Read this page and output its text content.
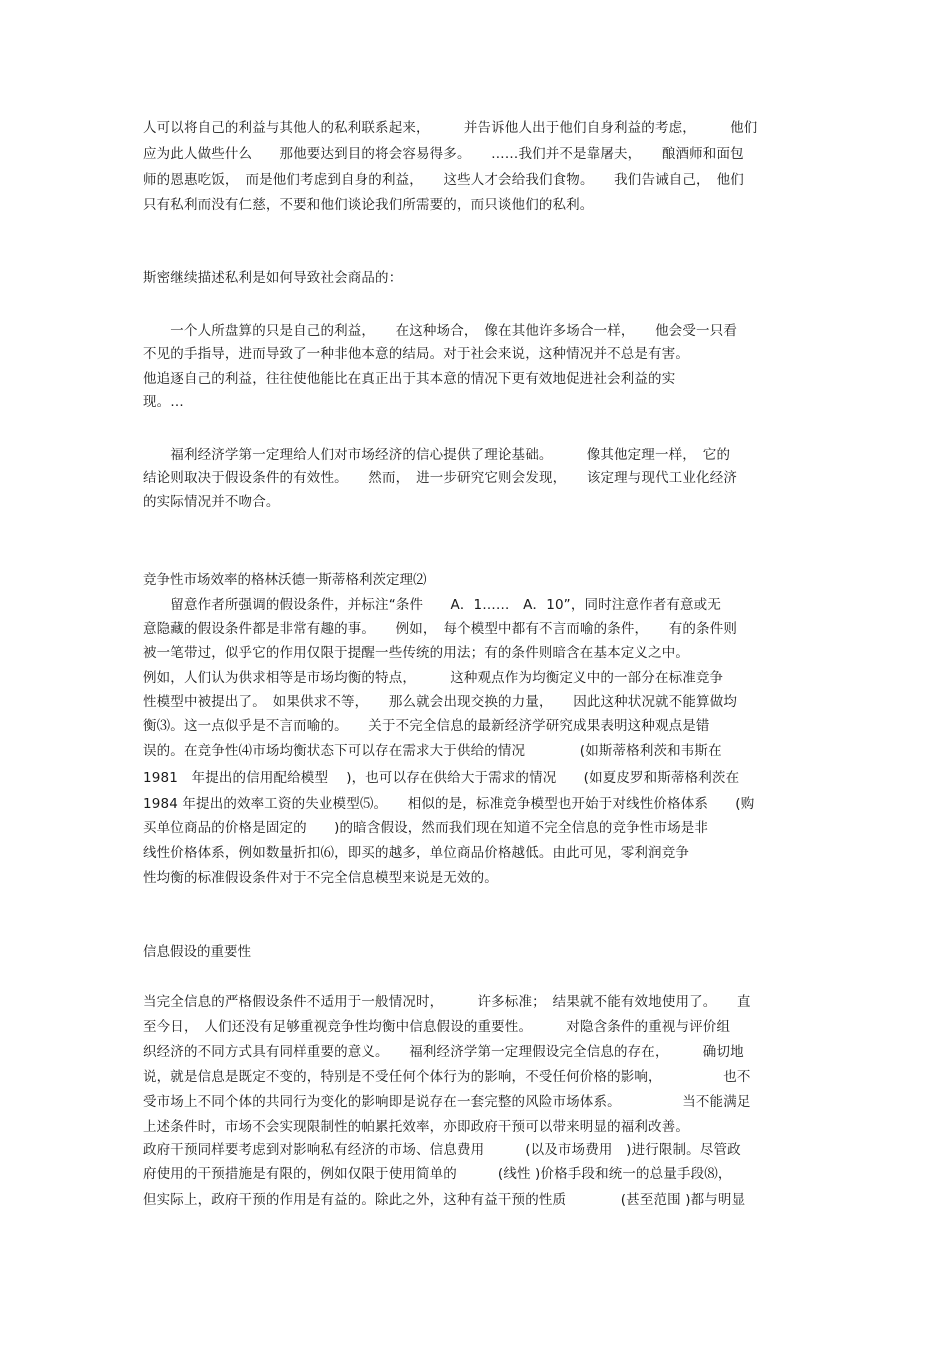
人可以将自己的利益与其他人的私利联系起来，　　　并告诉他人出于他们自身利益的考虑，　　　他们
应为此人做些什么　　那他要达到目的将会容易得多。　　……我们并不是靠屠夫，　　酿酒师和面包
师的恩惠吃饭，　而是他们考虑到自身的利益，　　这些人才会给我们食物。　　我们告诫自己，　他们
只有私利而没有仁慈，不要和他们谈论我们所需要的，而只谈他们的私利。
斯密继续描述私利是如何导致社会商品的：
　　一个人所盘算的只是自己的利益，　　在这种场合，　像在其他许多场合一样，　　他会受一只看
不见的手指导，进而导致了一种非他本意的结局。对于社会来说，这种情况并不总是有害。
他追逐自己的利益，往往使他能比在真正出于其本意的情况下更有效地促进社会利益的实
现。…
　　福利经济学第一定理给人们对市场经济的信心提供了理论基础。　　　像其他定理一样，　它的
结论则取决于假设条件的有效性。　　然而，　进一步研究它则会发现，　　该定理与现代工业化经济
的实际情况并不吻合。
竞争性市场效率的格林沃德一斯蒂格利茨定理⑵
　　留意作者所强调的假设条件，并标注“条件　　A．1……　A．10”，同时注意作者有意或无
意隐藏的假设条件都是非常有趣的事。　　例如，　每个模型中都有不言而喻的条件，　　有的条件则
被一笔带过，似乎它的作用仅限于提醒一些传统的用法；有的条件则暗含在基本定义之中。
例如，人们认为供求相等是市场均衡的特点，　　　这种观点作为均衡定义中的一部分在标准竞争
性模型中被提出了。　如果供求不等，　　那么就会出现交换的力量，　　因此这种状况就不能算做均
衡⑶。这一点似乎是不言而喻的。　　关于不完全信息的最新经济学研究成果表明这种观点是错
误的。在竞争性⑷市场均衡状态下可以存在需求大于供给的情况　　　　(如斯蒂格利茨和韦斯在
1981　年提出的信用配给模型　 )，也可以存在供给大于需求的情况　　(如夏皮罗和斯蒂格利茨在
1984 年提出的效率工资的失业模型⑸。　　相似的是，标准竞争模型也开始于对线性价格体系　　(购
买单位商品的价格是固定的　　)的暗含假设，然而我们现在知道不完全信息的竞争性市场是非
线性价格体系，例如数量折扣⑹，即买的越多，单位商品价格越低。由此可见，零利润竞争
性均衡的标准假设条件对于不完全信息模型来说是无效的。
信息假设的重要性
当完全信息的严格假设条件不适用于一般情况时，　　　许多标准；　结果就不能有效地使用了。　　直
至今日，　人们还没有足够重视竞争性均衡中信息假设的重要性。　　　对隐含条件的重视与评价组
织经济的不同方式具有同样重要的意义。　　福利经济学第一定理假设完全信息的存在，　　　确切地
说，就是信息是既定不变的，特别是不受任何个体行为的影响，不受任何价格的影响，　　　　　也不
受市场上不同个体的共同行为变化的影响即是说存在一套完整的风险市场体系。　　　　　当不能满足
上述条件时，市场不会实现限制性的帕累托效率，亦即政府干预可以带来明显的福利改善。
政府干预同样要考虑到对影响私有经济的市场、信息费用　　　(以及市场费用　)进行限制。尽管政
府使用的干预措施是有限的，例如仅限于使用简单的　　　(线性 )价格手段和统一的总量手段⑻，
但实际上，政府干预的作用是有益的。除此之外，这种有益干预的性质　　　　(甚至范围 )都与明显
